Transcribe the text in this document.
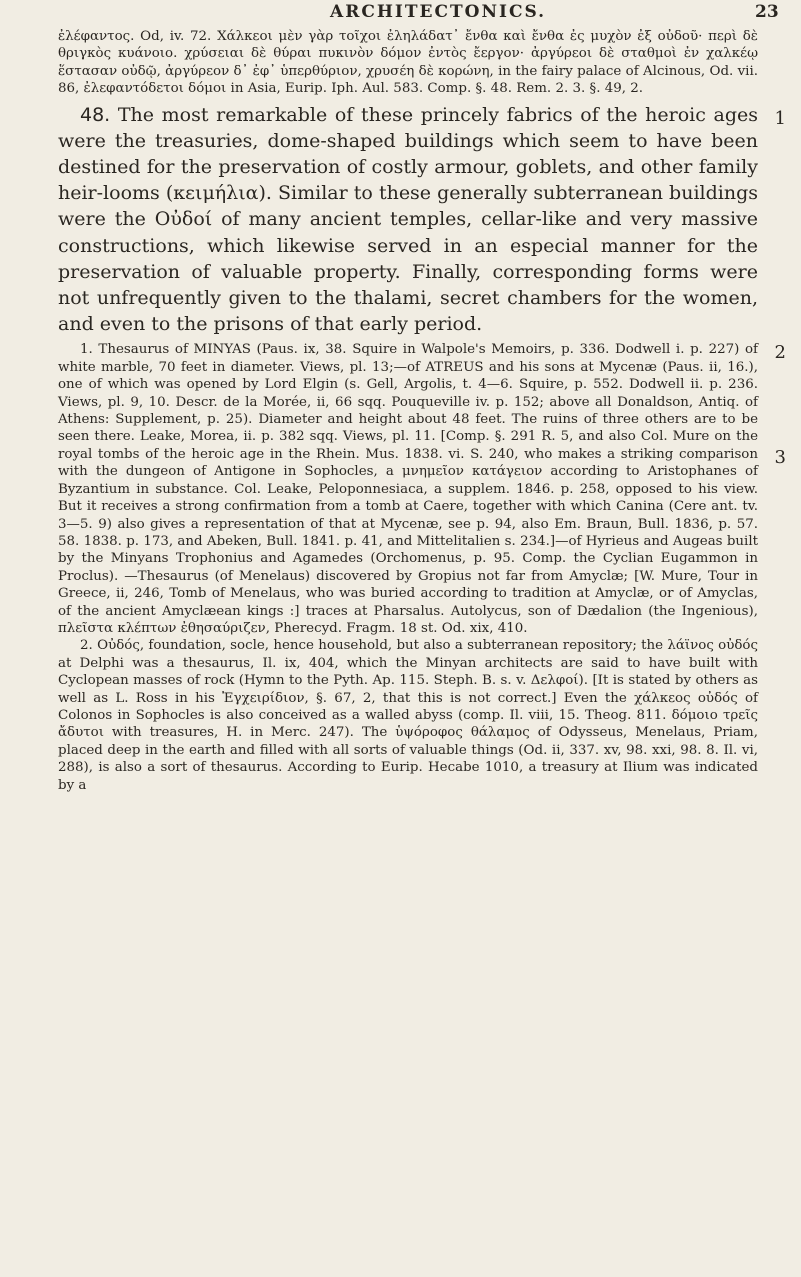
ARCHITECTONICS.	23

ἐλέφαντος. Od, iv. 72. Χάλκεοι μὲν γὰρ τοῖχοι ἐληλάδατ᾽ ἔνθα καὶ ἔνθα ἐς μυχὸν ἐξ οὐδοῦ· περὶ δὲ θριγκὸς κυάνοιο. χρύσειαι δὲ θύραι πυκινὸν δόμον ἐντὸς ἔεργον· ἀργύρεοι δὲ σταθμοὶ ἐν χαλκέῳ ἕστασαν οὐδῷ, ἀργύρεον δ᾽ ἐφ᾽ ὑπερθύριον, χρυσέη δὲ κορώνη, in the fairy palace of Alcinous, Od. vii. 86, ἐλεφαντόδετοι δόμοι in Asia, Eurip. Iph. Aul. 583. Comp. §. 48. Rem. 2. 3. §. 49, 2.

1
2
3
48. The most remarkable of these princely fabrics of the heroic ages were the treasuries, dome-shaped buildings which seem to have been destined for the preservation of costly armour, goblets, and other family heir-looms (κειμήλια). Similar to these generally subterranean buildings were the Οὐδοί of many ancient temples, cellar-like and very massive constructions, which likewise served in an especial manner for the preservation of valuable property. Finally, corresponding forms were not unfrequently given to the thalami, secret chambers for the women, and even to the prisons of that early period.

1. Thesaurus of MINYAS (Paus. ix, 38. Squire in Walpole's Memoirs, p. 336. Dodwell i. p. 227) of white marble, 70 feet in diameter. Views, pl. 13;—of ATREUS and his sons at Mycenæ (Paus. ii, 16.), one of which was opened by Lord Elgin (s. Gell, Argolis, t. 4—6. Squire, p. 552. Dodwell ii. p. 236. Views, pl. 9, 10. Descr. de la Morée, ii, 66 sqq. Pouqueville iv. p. 152; above all Donaldson, Antiq. of Athens: Supplement, p. 25). Diameter and height about 48 feet. The ruins of three others are to be seen there. Leake, Morea, ii. p. 382 sqq. Views, pl. 11. [Comp. §. 291 R. 5, and also Col. Mure on the royal tombs of the heroic age in the Rhein. Mus. 1838. vi. S. 240, who makes a striking comparison with the dungeon of Antigone in Sophocles, a μνημεῖον κατάγειον according to Aristophanes of Byzantium in substance. Col. Leake, Peloponnesiaca, a supplem. 1846. p. 258, opposed to his view. But it receives a strong confirmation from a tomb at Caere, together with which Canina (Cere ant. tv. 3—5. 9) also gives a representation of that at Mycenæ, see p. 94, also Em. Braun, Bull. 1836, p. 57. 58. 1838. p. 173, and Abeken, Bull. 1841. p. 41, and Mittelitalien s. 234.]—of Hyrieus and Augeas built by the Minyans Trophonius and Agamedes (Orchomenus, p. 95. Comp. the Cyclian Eugammon in Proclus). —Thesaurus (of Menelaus) discovered by Gropius not far from Amyclæ; [W. Mure, Tour in Greece, ii, 246, Tomb of Menelaus, who was buried according to tradition at Amyclæ, or of Amyclas, of the ancient Amyclæean kings :] traces at Pharsalus. Autolycus, son of Dædalion (the Ingenious), πλεῖστα κλέπτων ἐθησαύριζεν, Pherecyd. Fragm. 18 st. Od. xix, 410.

2. Οὐδός, foundation, socle, hence household, but also a subterranean repository; the λάϊνος οὐδός at Delphi was a thesaurus, Il. ix, 404, which the Minyan architects are said to have built with Cyclopean masses of rock (Hymn to the Pyth. Ap. 115. Steph. B. s. v. Δελφοί). [It is stated by others as well as L. Ross in his Ἐγχειρίδιον, §. 67, 2, that this is not correct.] Even the χάλκεος οὐδός of Colonos in Sophocles is also conceived as a walled abyss (comp. Il. viii, 15. Theog. 811. δόμοιο τρεῖς ἄδυτοι with treasures, H. in Merc. 247). The ὑψόροφος θάλαμος of Odysseus, Menelaus, Priam, placed deep in the earth and filled with all sorts of valuable things (Od. ii, 337. xv, 98. xxi, 98. 8. Il. vi, 288), is also a sort of thesaurus. According to Eurip. Hecabe 1010, a treasury at Ilium was indicated by a
